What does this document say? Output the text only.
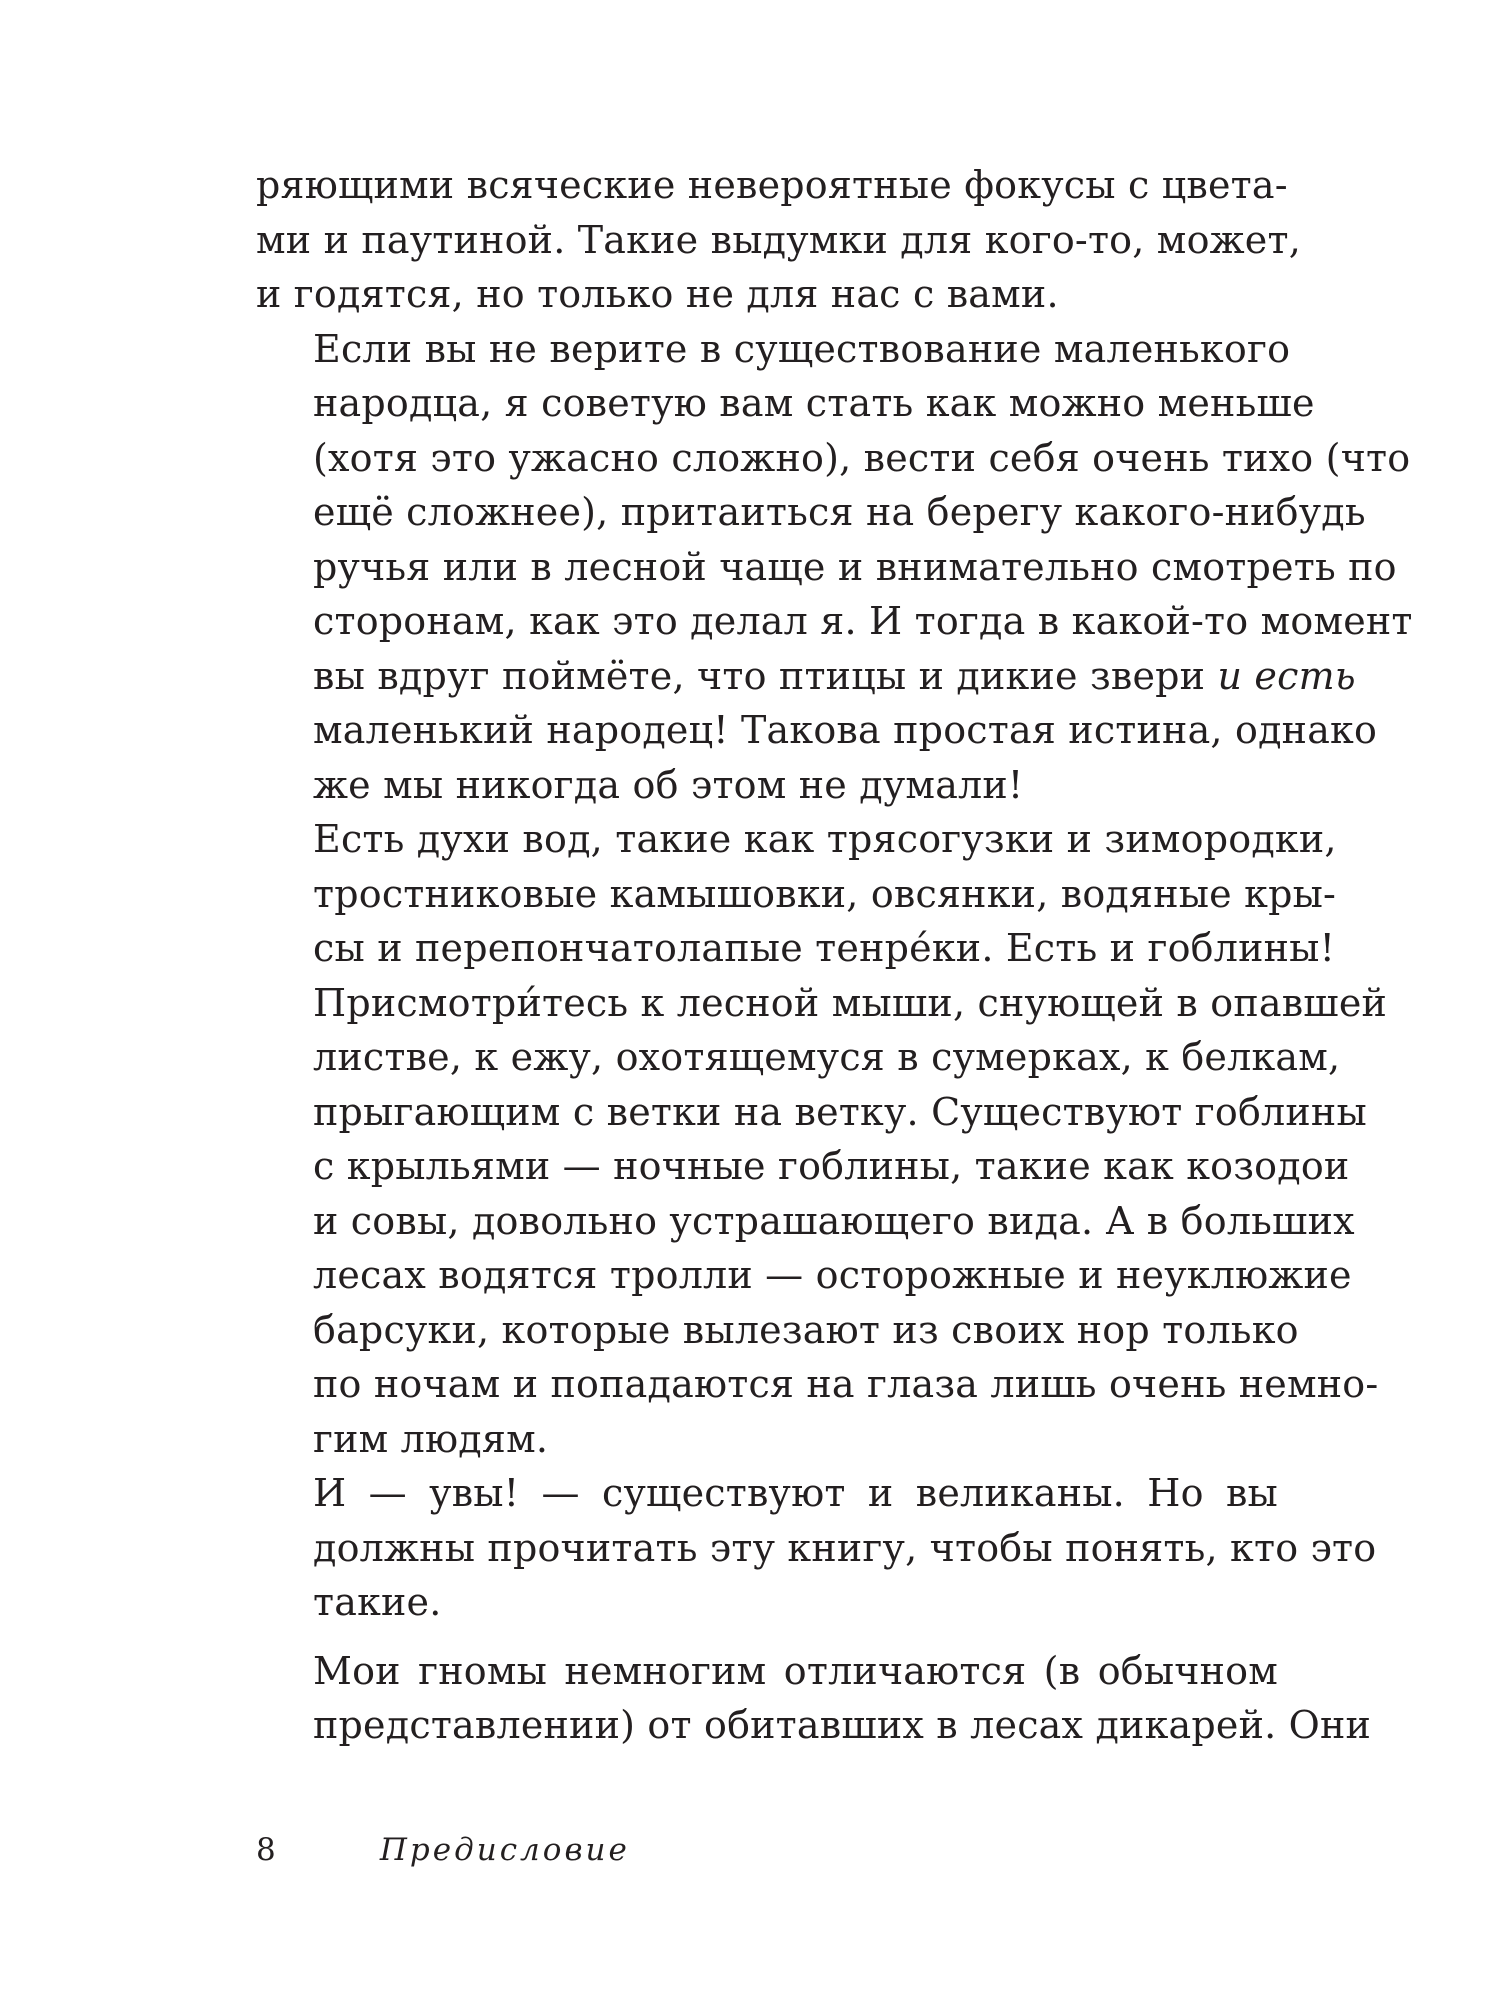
ряющими всяческие невероятные фокусы с цвета-
ми и паутиной. Такие выдумки для кого-то, может,
и годятся, но только не для нас с вами.

Если вы не верите в существование маленького
народца, я советую вам стать как можно меньше
(хотя это ужасно сложно), вести себя очень тихо (что
ещё сложнее), притаиться на берегу какого-нибудь
ручья или в лесной чаще и внимательно смотреть по
сторонам, как это делал я. И тогда в какой-то момент
вы вдруг поймёте, что птицы и дикие звери и есть
маленький народец! Такова простая истина, однако
же мы никогда об этом не думали!

Есть духи вод, такие как трясогузки и зимородки,
тростниковые камышовки, овсянки, водяные кры-
сы и перепончатолапые тенре́ки. Есть и гоблины!
Присмотри́тесь к лесной мыши, снующей в опавшей
листве, к ежу, охотящемуся в сумерках, к белкам,
прыгающим с ветки на ветку. Существуют гоблины
с крыльями — ночные гоблины, такие как козодои
и совы, довольно устрашающего вида. А в больших
лесах водятся тролли — осторожные и неуклюжие
барсуки, которые вылезают из своих нор только
по ночам и попадаются на глаза лишь очень немно-
гим людям.

И — увы! — существуют и великаны. Но вы
должны прочитать эту книгу, чтобы понять, кто это
такие.

Мои гномы немногим отличаются (в обычном
представлении) от обитавших в лесах дикарей. Они

8	Предисловие
